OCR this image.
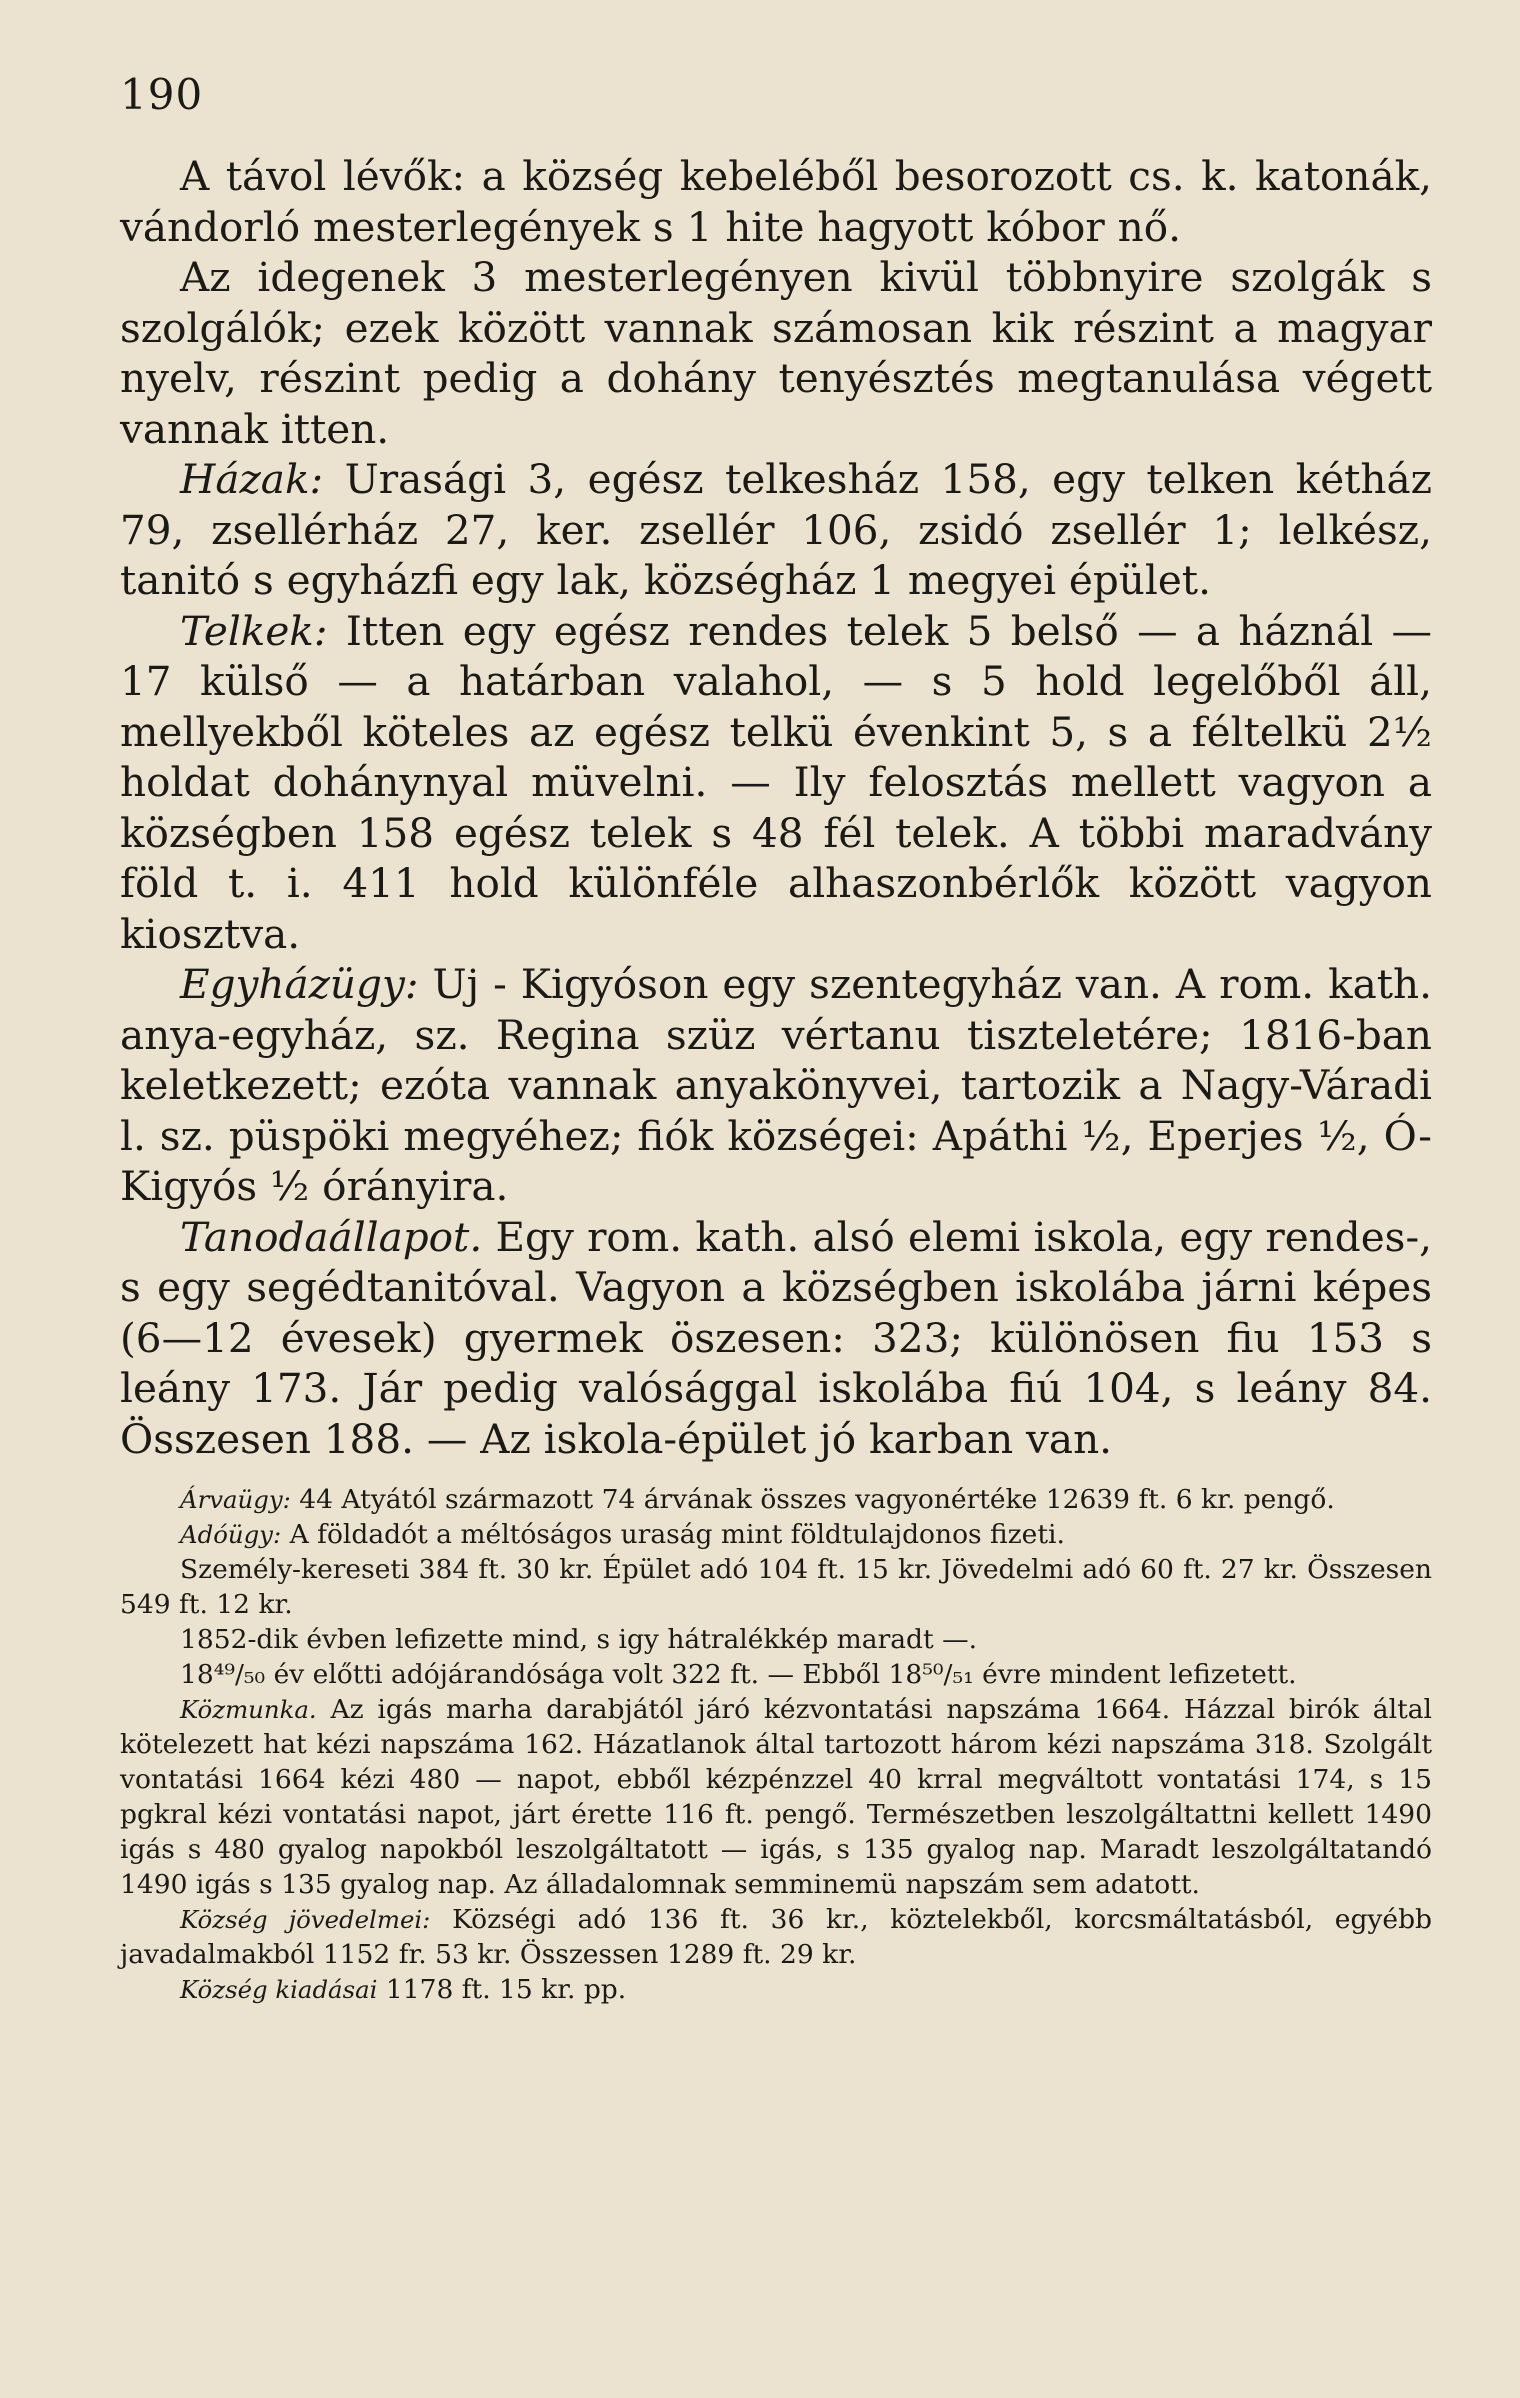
190

A távol lévők: a község kebeléből besorozott cs. k. katonák, vándorló mesterlegények s 1 hite hagyott kóbor nő.

Az idegenek 3 mesterlegényen kivül többnyire szolgák s szolgálók; ezek között vannak számosan kik részint a magyar nyelv, részint pedig a dohány tenyésztés megtanulása végett vannak itten.

Házak: Urasági 3, egész telkesház 158, egy telken kétház 79, zsellérház 27, ker. zsellér 106, zsidó zsellér 1; lelkész, tanitó s egyházfi egy lak, községház 1 megyei épület.

Telkek: Itten egy egész rendes telek 5 belső — a háznál — 17 külső — a határban valahol, — s 5 hold legelőből áll, mellyekből köteles az egész telkü évenkint 5, s a féltelkü 2½ holdat dohánynyal müvelni. — Ily felosztás mellett vagyon a községben 158 egész telek s 48 fél telek. A többi maradvány föld t. i. 411 hold különféle alhaszonbérlők között vagyon kiosztva.

Egyházügy: Uj - Kigyóson egy szentegyház van. A rom. kath. anya-egyház, sz. Regina szüz vértanu tiszteletére; 1816-ban keletkezett; ezóta vannak anyakönyvei, tartozik a Nagy-Váradi l. sz. püspöki megyéhez; fiók községei: Apáthi ½, Eperjes ½, Ó-Kigyós ½ órányira.

Tanodaállapot. Egy rom. kath. alsó elemi iskola, egy rendes-, s egy segédtanitóval. Vagyon a községben iskolába járni képes (6—12 évesek) gyermek öszesen: 323; különösen fiu 153 s leány 173. Jár pedig valósággal iskolába fiú 104, s leány 84. Összesen 188. — Az iskola-épület jó karban van.

Árvaügy: 44 Atyától származott 74 árvának összes vagyonértéke 12639 ft. 6 kr. pengő.

Adóügy: A földadót a méltóságos uraság mint földtulajdonos fizeti.

Személy-kereseti 384 ft. 30 kr. Épület adó 104 ft. 15 kr. Jövedelmi adó 60 ft. 27 kr. Összesen 549 ft. 12 kr.

1852-dik évben lefizette mind, s igy hátralékkép maradt —.

18⁴⁹/₅₀ év előtti adójárandósága volt 322 ft. — Ebből 18⁵⁰/₅₁ évre mindent lefizetett.

Közmunka. Az igás marha darabjától járó kézvontatási napszáma 1664. Házzal birók által kötelezett hat kézi napszáma 162. Házatlanok által tartozott három kézi napszáma 318. Szolgált vontatási 1664 kézi 480 — napot, ebből kézpénzzel 40 krral megváltott vontatási 174, s 15 pgkral kézi vontatási napot, járt érette 116 ft. pengő. Természetben leszolgáltattni kellett 1490 igás s 480 gyalog napokból leszolgáltatott — igás, s 135 gyalog nap. Maradt leszolgáltatandó 1490 igás s 135 gyalog nap. Az álladalomnak semminemü napszám sem adatott.

Község jövedelmei: Községi adó 136 ft. 36 kr., köztelekből, korcsmáltatásból, egyébb javadalmakból 1152 fr. 53 kr. Összessen 1289 ft. 29 kr.

Község kiadásai 1178 ft. 15 kr. pp.
